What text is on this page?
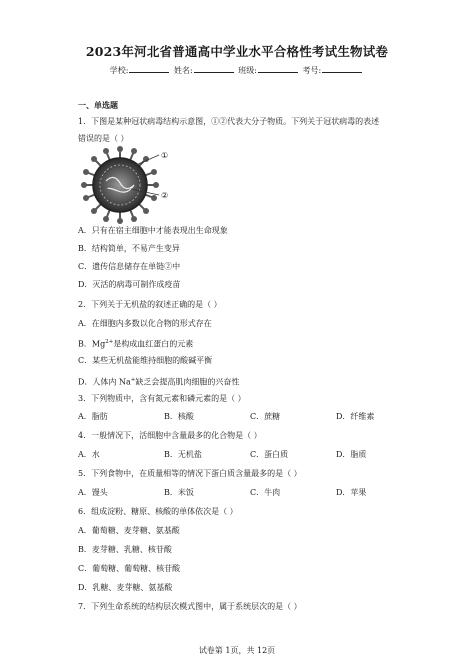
2023年河北省普通高中学业水平合格性考试生物试卷
学校:	姓名:	班级:	考号:
一、单选题
1．下图是某种冠状病毒结构示意图，①②代表大分子物质。下列关于冠状病毒的表述
错误的是（ ）
①
②
A．只有在宿主细胞中才能表现出生命现象
B．结构简单，不易产生变异
C．遗传信息储存在单链②中
D．灭活的病毒可制作成疫苗
2．下列关于无机盐的叙述正确的是（ ）
A．在细胞内多数以化合物的形式存在
B．$Mg^{2+}$是构成血红蛋白的元素
C．某些无机盐能维持细胞的酸碱平衡
D．人体内 Na+缺乏会提高肌肉细胞的兴奋性
3．下列物质中，含有氮元素和磷元素的是（ ）
A．脂肪	B．核酸	C．蔗糖	D．纤维素
4．一般情况下，活细胞中含量最多的化合物是（ ）
A．水	B．无机盐	C．蛋白质	D．脂质
5．下列食物中，在质量相等的情况下蛋白质含量最多的是（ ）
A．馒头	B．米饭	C．牛肉	D．苹果
6．组成淀粉、糖原、核酸的单体依次是（ ）
A．葡萄糖、麦芽糖、氨基酸
B．麦芽糖、乳糖、核苷酸
C．葡萄糖、葡萄糖、核苷酸
D．乳糖、麦芽糖、氨基酸
7．下列生命系统的结构层次模式图中，属于系统层次的是（ ）
试卷第 1页，共 12页
